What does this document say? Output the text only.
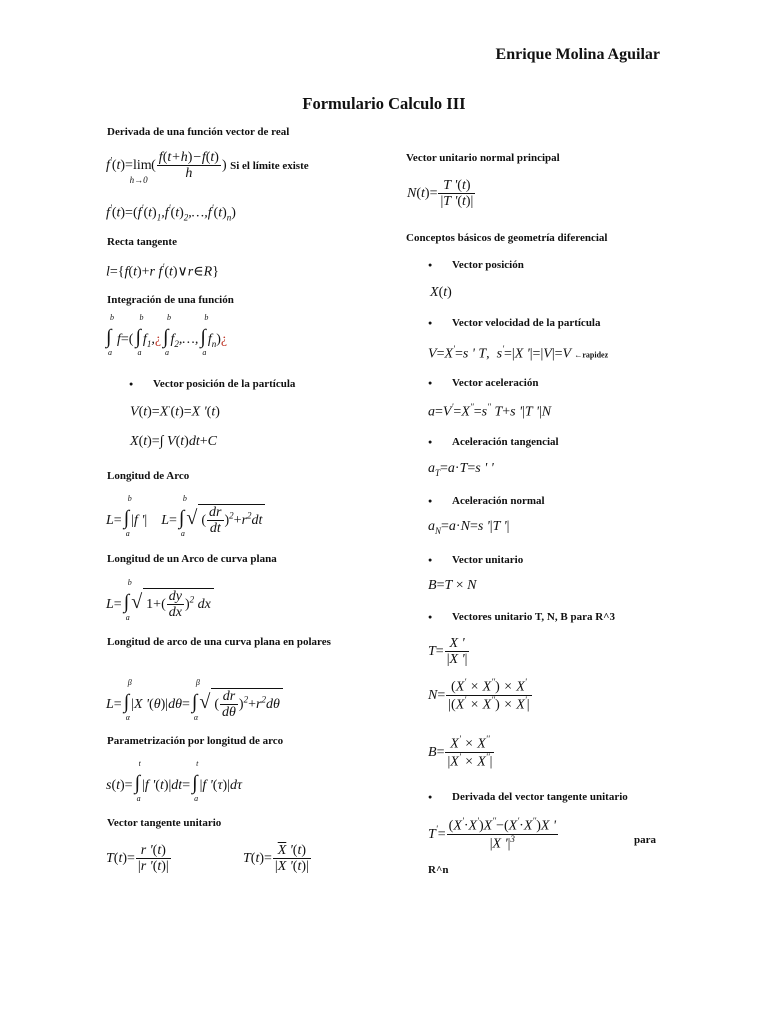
Enrique Molina Aguilar
Formulario Calculo III
Derivada de una función vector de real
$f'(t)=\lim_{h\to 0}$ ( $\frac{f(t+h)-f(t)}{h}$ ) Si el límite existe
$f'(t)=(f'(t)_1,f'(t)_2,\dots,f'(t)_n)$
Recta tangente
l={f(t)+r f'(t)∨r∈R}
Integración de una función
∫
b
a
f=( ∫
b
a
$f_1,¿$ ∫
b
a
$f_2,\dots$, ∫
b
a
$f_n)¿$
● Vector posición de la partícula
V(t)=X·(t)=X '(t)
X(t)=∫ V(t)dt+C
Longitud de Arco
L= ∫
b
a
|f '|    L= ∫
b
a
√ ( $\frac{dr}{dt} )^2+r^2dt$
Longitud de un Arco de curva plana
L= ∫
b
a
√ $1+( \frac{dy}{dx} )^2$ dx
Longitud de arco de una curva plana en polares
L= ∫
β
α
|X '(θ)|dθ= ∫
β
α
√ ( $\frac{dr}{d\theta} )^2+r^2d\theta$
Parametrización por longitud de arco
s(t)= ∫
t
a
|f '(t)|dt= ∫
t
a
|f '(τ)|dτ
Vector tangente unitario
$T(t)= \frac{r '(t)}{|r '(t)|}$	$T(t)= \frac{\overline{X} '(t)}{|X '(t)|}$
Vector unitario normal principal
$N(t)= \frac{T '(t)}{|T '(t)|}$
Conceptos básicos de geometría diferencial
● Vector posición
X(t)
● Vector velocidad de la partícula
V=X'=s ' T,  s'=|X '|=|V|=V ←rapidez
● Vector aceleración
a=V'=X''=s'' T+s '|T '|N
● Aceleración tangencial
$a_T=a\cdot T=s$ ' '
● Aceleración normal
$a_N=a\cdot N=s$ '|T '|
● Vector unitario
B=T × N
● Vectores unitario T, N, B para R^3
$T= \frac{X '}{|X '|}$
$N= \frac{(X' \times X'') \times X'}{|(X' \times X'') \times X'|}$
$B= \frac{X' \times X''}{|X' \times X''|}$
● Derivada del vector tangente unitario
$T'= \frac{(X'\cdot X')X''-(X'\cdot X'')X '}{|X '|^3}$	para
R^n
